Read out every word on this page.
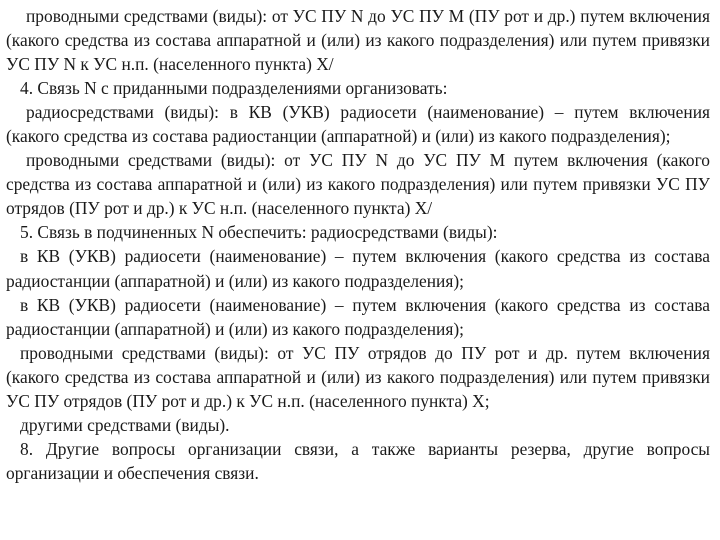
проводными средствами (виды): от УС ПУ N до УС ПУ М (ПУ рот и др.) путем включения (какого средства из состава аппаратной и (или) из какого подразделения) или путем привязки УС ПУ N к УС н.п. (населенного пункта) Х/

4. Связь N с приданными подразделениями организовать:

радиосредствами (виды): в КВ (УКВ) радиосети (наименование) – путем включения (какого средства из состава радиостанции (аппаратной) и (или) из какого подразделения);

проводными средствами (виды): от УС ПУ N до УС ПУ М путем включения (какого средства из состава аппаратной и (или) из какого подразделения) или путем привязки УС ПУ отрядов (ПУ рот и др.) к УС н.п. (населенного пункта) Х/

5. Связь в подчиненных N обеспечить: радиосредствами (виды):

в КВ (УКВ) радиосети (наименование) – путем включения (какого средства из состава радиостанции (аппаратной) и (или) из какого подразделения);

в КВ (УКВ) радиосети (наименование) – путем включения (какого средства из состава радиостанции (аппаратной) и (или) из какого подразделения);

проводными средствами (виды): от УС ПУ отрядов до ПУ рот и др. путем включения (какого средства из состава аппаратной и (или) из какого подразделения) или путем привязки УС ПУ отрядов (ПУ рот и др.) к УС н.п. (населенного пункта) Х;

другими средствами (виды).

8. Другие вопросы организации связи, а также варианты резерва, другие вопросы организации и обеспечения связи.
